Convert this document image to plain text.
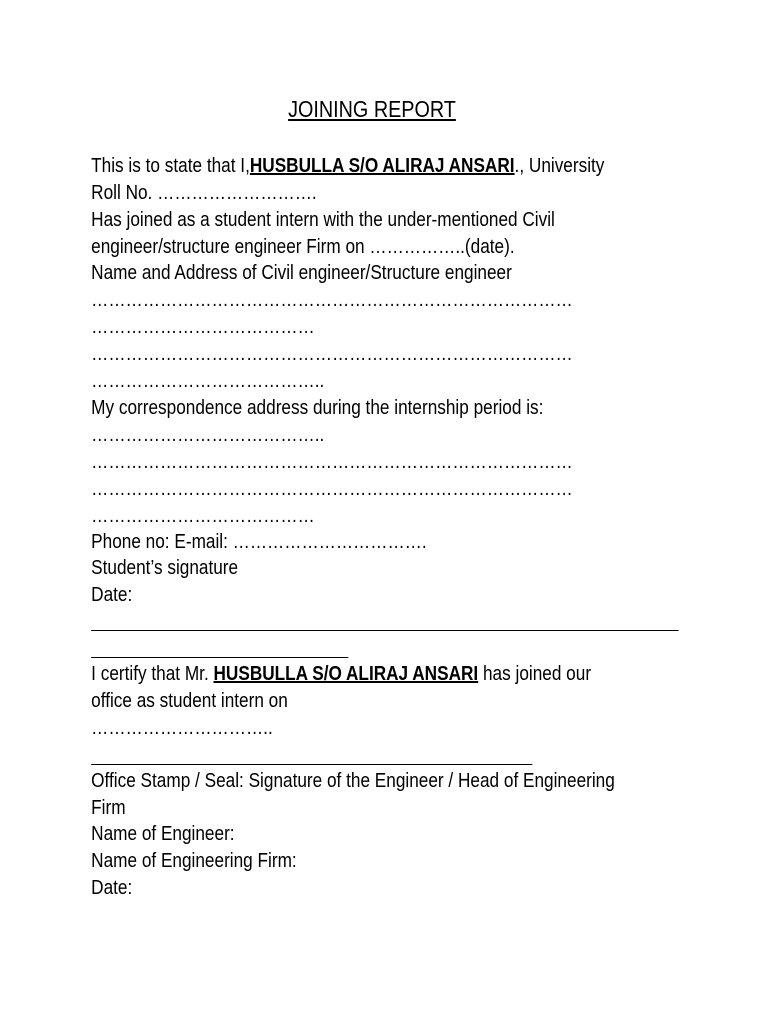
JOINING REPORT
This is to state that I,HUSBULLA S/O ALIRAJ ANSARI., University
Roll No. ……………………….
Has joined as a student intern with the under-mentioned Civil
engineer/structure engineer Firm on ……………..(date).
Name and Address of Civil engineer/Structure engineer
…………………………………………………………………………
…………………………………
…………………………………………………………………………
…………………………………..
My correspondence address during the internship period is:
…………………………………..
…………………………………………………………………………
…………………………………………………………………………
…………………………………
Phone no: E-mail: …………………………….
Student’s signature
Date:
I certify that Mr. HUSBULLA S/O ALIRAJ ANSARI has joined our
office as student intern on
…………………………..
Office Stamp / Seal: Signature of the Engineer / Head of Engineering
Firm
Name of Engineer:
Name of Engineering Firm:
Date:
